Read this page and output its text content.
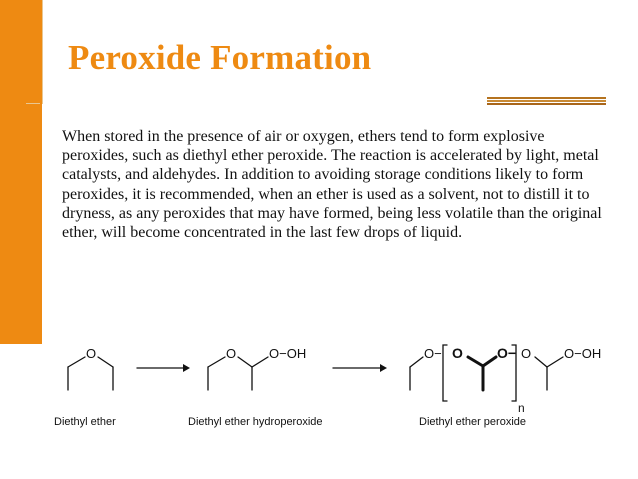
Peroxide Formation
When stored in the presence of air or oxygen, ethers tend to form explosive peroxides, such as diethyl ether peroxide. The reaction is accelerated by light, metal catalysts, and aldehydes. In addition to avoiding storage conditions likely to form peroxides, it is recommended, when an ether is used as a solvent, not to distill it to dryness, as any peroxides that may have formed, being less volatile than the original ether, will become concentrated in the last few drops of liquid.
O	O	O−OH	O− O O− O	O−OH
n
Diethyl ether	Diethyl ether hydroperoxide	Diethyl ether peroxide
